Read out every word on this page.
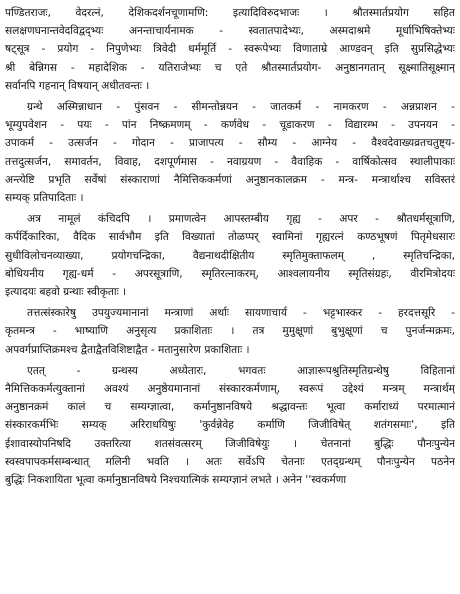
पण्डितराजः, वेदरत्नं, देशिकदर्शनचूणामणि: इत्यादिविरुदभाजः । श्रौतस्मार्तप्रयोग सहित
सलक्षणघनान्तवेदविद्वद्भ्यः अनन्ताचार्यनामक - स्वतातपादेभ्यः, अस्मदाश्रमे मूर्धाभिषिक्तेभ्यः
षट्सूत्र - प्रयोग - निपुणेभ्यः त्रिवेदी धर्ममूर्ति - स्वरूपेभ्यः विणाताम्रे आण्डवन् इति सुप्रसिद्धेभ्यः
श्री बेन्निगस - महादेशिक - यतिराजेभ्यः च एते श्रौतस्मार्तप्रयोग- अनुष्ठानगतान् सूक्ष्मातिसूक्ष्मान्
सर्वानपि गहनान् विषयान् अधीतवन्तः ।
ग्रन्थे अस्मिन्नाधान - पुंसवन - सीमन्तोन्नयन - जातकर्म - नामकरण - अन्नप्राशन -
भूम्युपवेशन - पयः - पांन निष्क्रमणम् - कर्णवेध - चूडाकरण - विद्यारम्भ - उपनयन -
उपाकर्म - उत्सर्जन - गोदान - प्राजापत्य - सौम्य - आग्नेय - वैश्वदेवाख्यव्रतचतुष्ट्य-
तत्तदुत्सर्जन, समावर्तन, विवाह, दशपूर्णमास - नवाग्रयण - वैवाहिक - वार्षिकोत्सव स्थालीपाकाः
अन्त्येष्टि प्रभृति सर्वेषां संस्काराणां नैमित्तिककर्मणां अनुष्ठानकालक्रम - मन्त्र- मन्त्रार्थाश्च सविस्तरं
सम्यक् प्रतिपादिताः ।
अत्र नामूलं कंचिदपि । प्रमाणत्वेन आपस्तम्बीय गृह्य - अपर - श्रौतधर्मसूत्राणि,
कर्पर्दिकारिका, वैदिक सार्वभौम इति विख्यातां तोळप्पर् स्वामिनां गृह्यरत्नं कण्ठभूषणं पितृमेधसारः
सुधीविलोचनव्याख्या, प्रयोगचन्द्रिका, वैद्यनाथदीक्षितीय स्मृतिमुक्ताफलम् , स्मृतिचन्द्रिका,
बोधियनीय गृह्य-धर्म - अपरसूत्राणि, स्मृतिरत्नाकरम्, आश्वलायनीय स्मृतिसंग्रहः, वीरमित्रोदयः
इत्यादयः बहवो ग्रन्थाः स्वीकृताः ।
तत्तत्संस्कारेषु उपयुज्यमानानां मन्त्राणां अर्थाः सायणाचार्य - भट्टभास्कर - हरदत्तसूरि -
कृतमन्त्र - भाष्याणि अनुसृत्य प्रकाशिताः । तत्र मुमुक्षूणां बुभुक्षूणां च पुनर्जन्मक्रमः,
अपवर्गप्राप्तिक्रमश्च द्वैताद्वैतविशिष्टाद्वैत - मतानुसारेण प्रकाशिताः ।
एतत् - ग्रन्थस्य अध्येतारः, भगवतः आज्ञारूपश्रुतिस्मृतिग्रन्थेषु विहितानां
नैमित्तिककर्मत्युक्तानां अवश्यं अनुष्ठेयमानानां संस्कारकर्मणाम्, स्वरूपं उद्देश्यं मन्त्रम् मन्त्रार्थम्
अनुष्ठानक्रमं कालं च सम्यग्ज्ञात्वा, कर्मानुष्ठानविषये श्रद्धावन्तः भूत्वा कर्माराध्यं परमात्मानं
संस्कारकर्मभिः सम्यक् अरिराधयिषुः 'कुर्वन्नेवेह कर्माणि जिजीविषेत् शतंगसमाः', इति
ईशावास्योपनिषदि उक्तरित्या शतसंवत्सरम् जिजीविषेयुः । चेतनानां बुद्धिः पौनःपुन्येन
स्वस्वपापकर्मसम्बन्धात् मलिनी भवति । अतः सर्वेऽपि चेतनाः एतद्ग्रन्थम् पौनःपुन्येन पठनेन
बुद्धिः निकशायिता भूत्वा कर्मानुष्ठानविषये निश्चयात्मिकं सम्यग्ज्ञानं लभते । अनेन ''स्वकर्मणा
